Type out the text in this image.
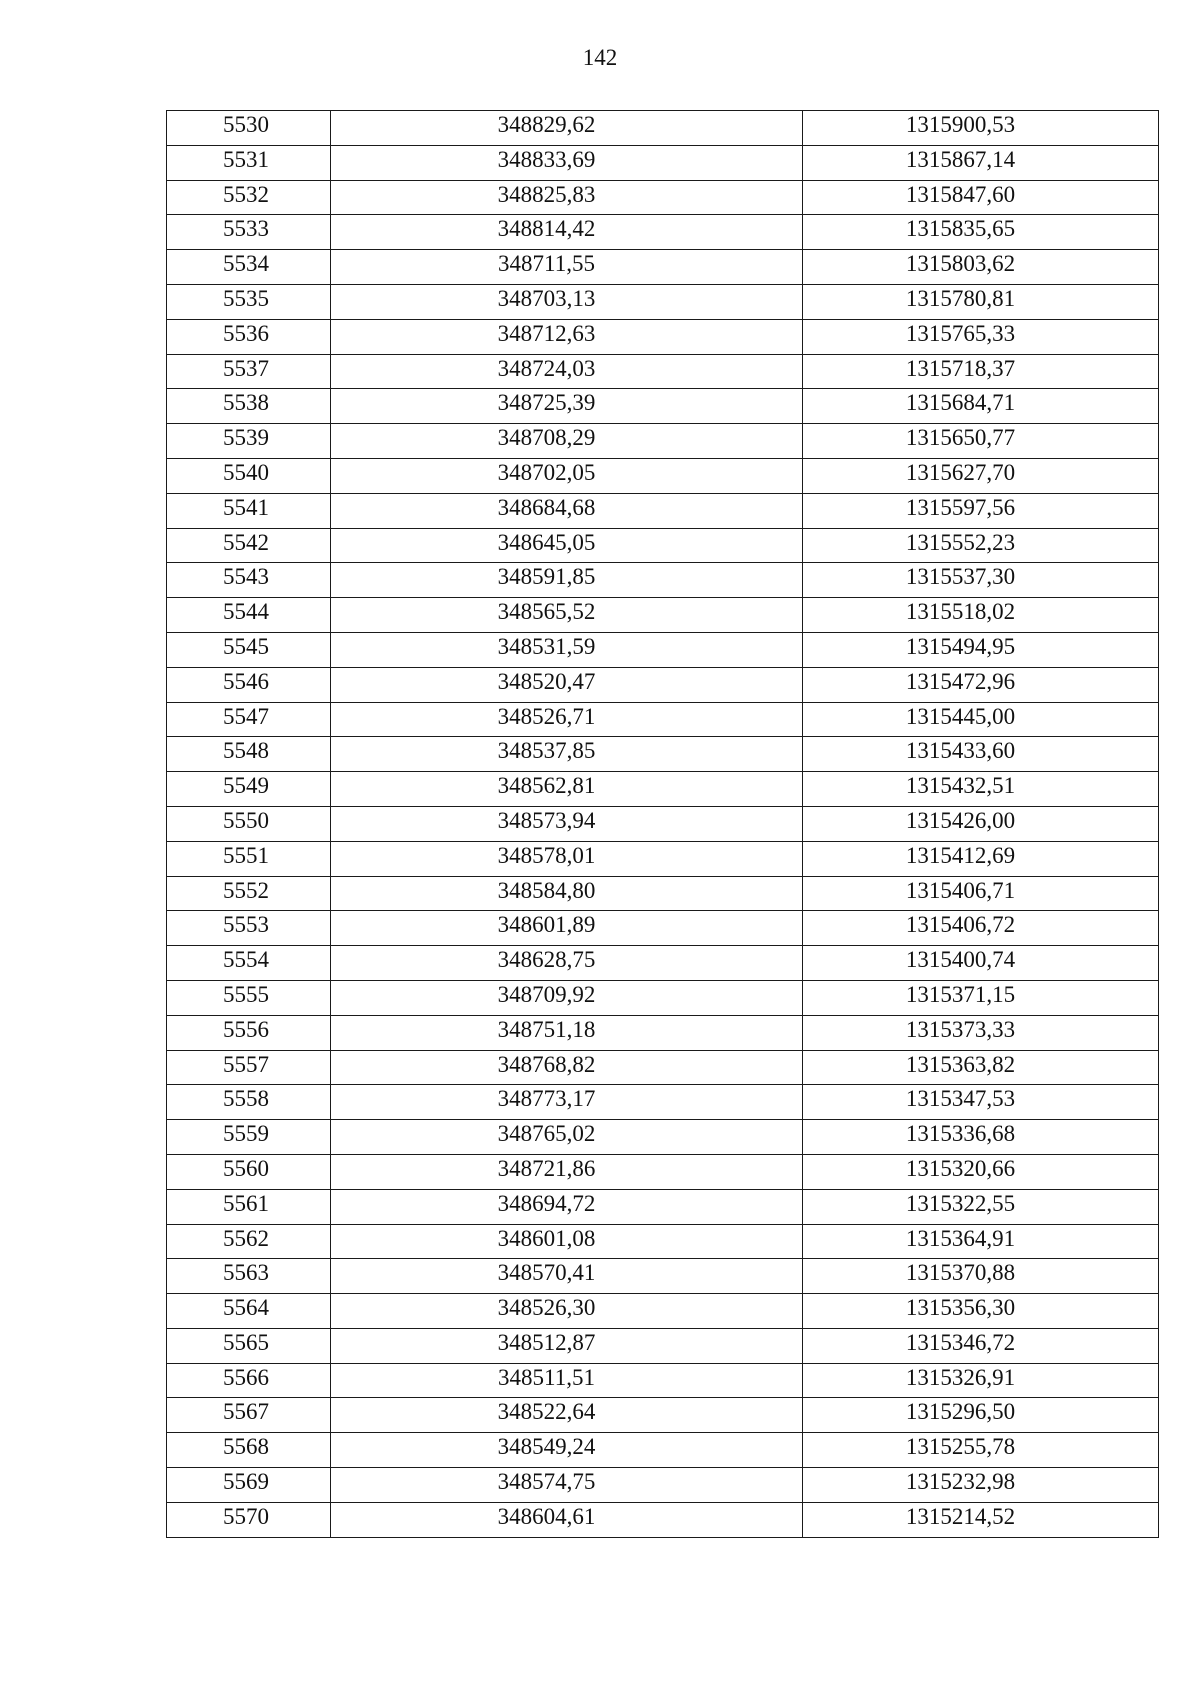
142
5530	348829,62	1315900,53
5531	348833,69	1315867,14
5532	348825,83	1315847,60
5533	348814,42	1315835,65
5534	348711,55	1315803,62
5535	348703,13	1315780,81
5536	348712,63	1315765,33
5537	348724,03	1315718,37
5538	348725,39	1315684,71
5539	348708,29	1315650,77
5540	348702,05	1315627,70
5541	348684,68	1315597,56
5542	348645,05	1315552,23
5543	348591,85	1315537,30
5544	348565,52	1315518,02
5545	348531,59	1315494,95
5546	348520,47	1315472,96
5547	348526,71	1315445,00
5548	348537,85	1315433,60
5549	348562,81	1315432,51
5550	348573,94	1315426,00
5551	348578,01	1315412,69
5552	348584,80	1315406,71
5553	348601,89	1315406,72
5554	348628,75	1315400,74
5555	348709,92	1315371,15
5556	348751,18	1315373,33
5557	348768,82	1315363,82
5558	348773,17	1315347,53
5559	348765,02	1315336,68
5560	348721,86	1315320,66
5561	348694,72	1315322,55
5562	348601,08	1315364,91
5563	348570,41	1315370,88
5564	348526,30	1315356,30
5565	348512,87	1315346,72
5566	348511,51	1315326,91
5567	348522,64	1315296,50
5568	348549,24	1315255,78
5569	348574,75	1315232,98
5570	348604,61	1315214,52
